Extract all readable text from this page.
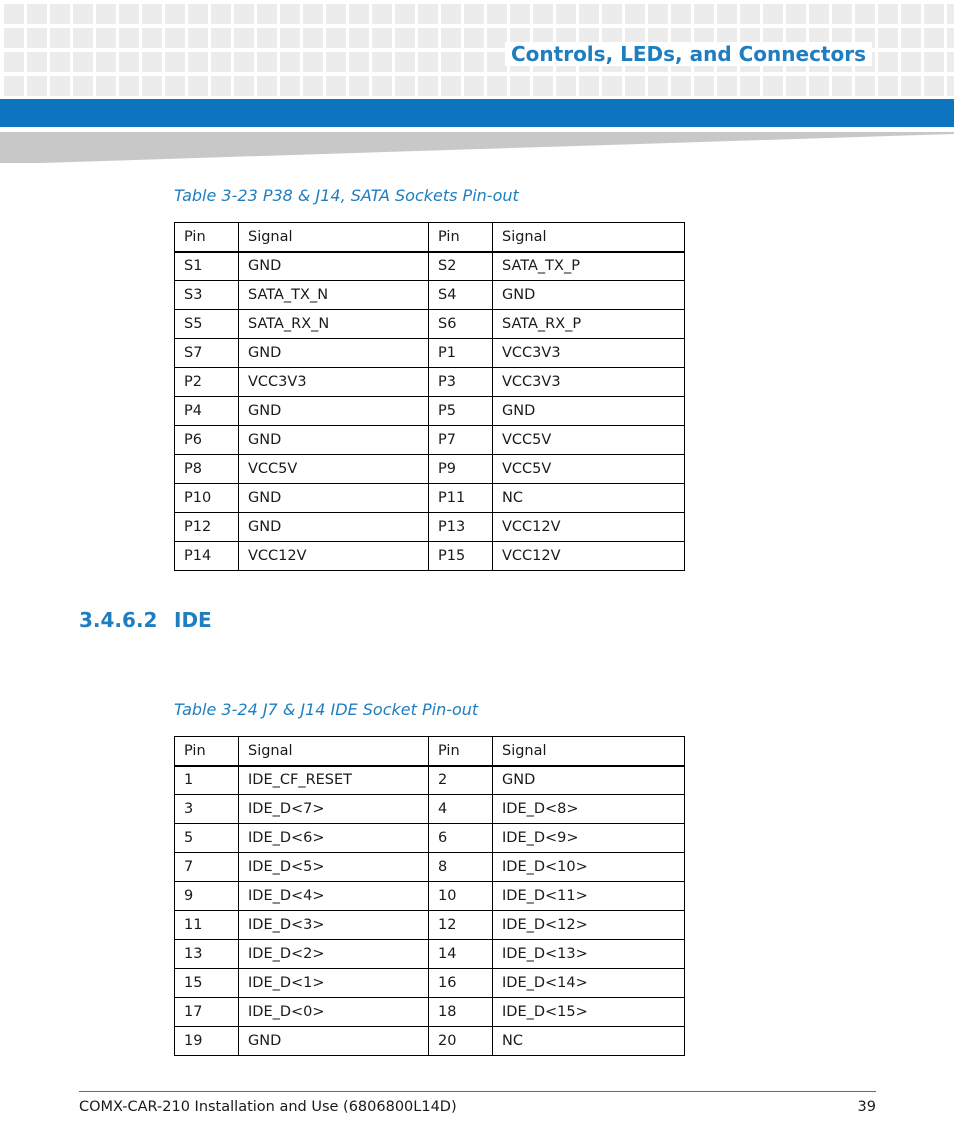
Controls, LEDs, and Connectors
Table 3-23 P38 & J14, SATA Sockets Pin-out
Pin	Signal	Pin	Signal
S1	GND	S2	SATA_TX_P
S3	SATA_TX_N	S4	GND
S5	SATA_RX_N	S6	SATA_RX_P
S7	GND	P1	VCC3V3
P2	VCC3V3	P3	VCC3V3
P4	GND	P5	GND
P6	GND	P7	VCC5V
P8	VCC5V	P9	VCC5V
P10	GND	P11	NC
P12	GND	P13	VCC12V
P14	VCC12V	P15	VCC12V
3.4.6.2 IDE
Table 3-24 J7 & J14 IDE Socket Pin-out
Pin	Signal	Pin	Signal
1	IDE_CF_RESET	2	GND
3	IDE_D<7>	4	IDE_D<8>
5	IDE_D<6>	6	IDE_D<9>
7	IDE_D<5>	8	IDE_D<10>
9	IDE_D<4>	10	IDE_D<11>
11	IDE_D<3>	12	IDE_D<12>
13	IDE_D<2>	14	IDE_D<13>
15	IDE_D<1>	16	IDE_D<14>
17	IDE_D<0>	18	IDE_D<15>
19	GND	20	NC
COMX-CAR-210 Installation and Use (6806800L14D)	39
